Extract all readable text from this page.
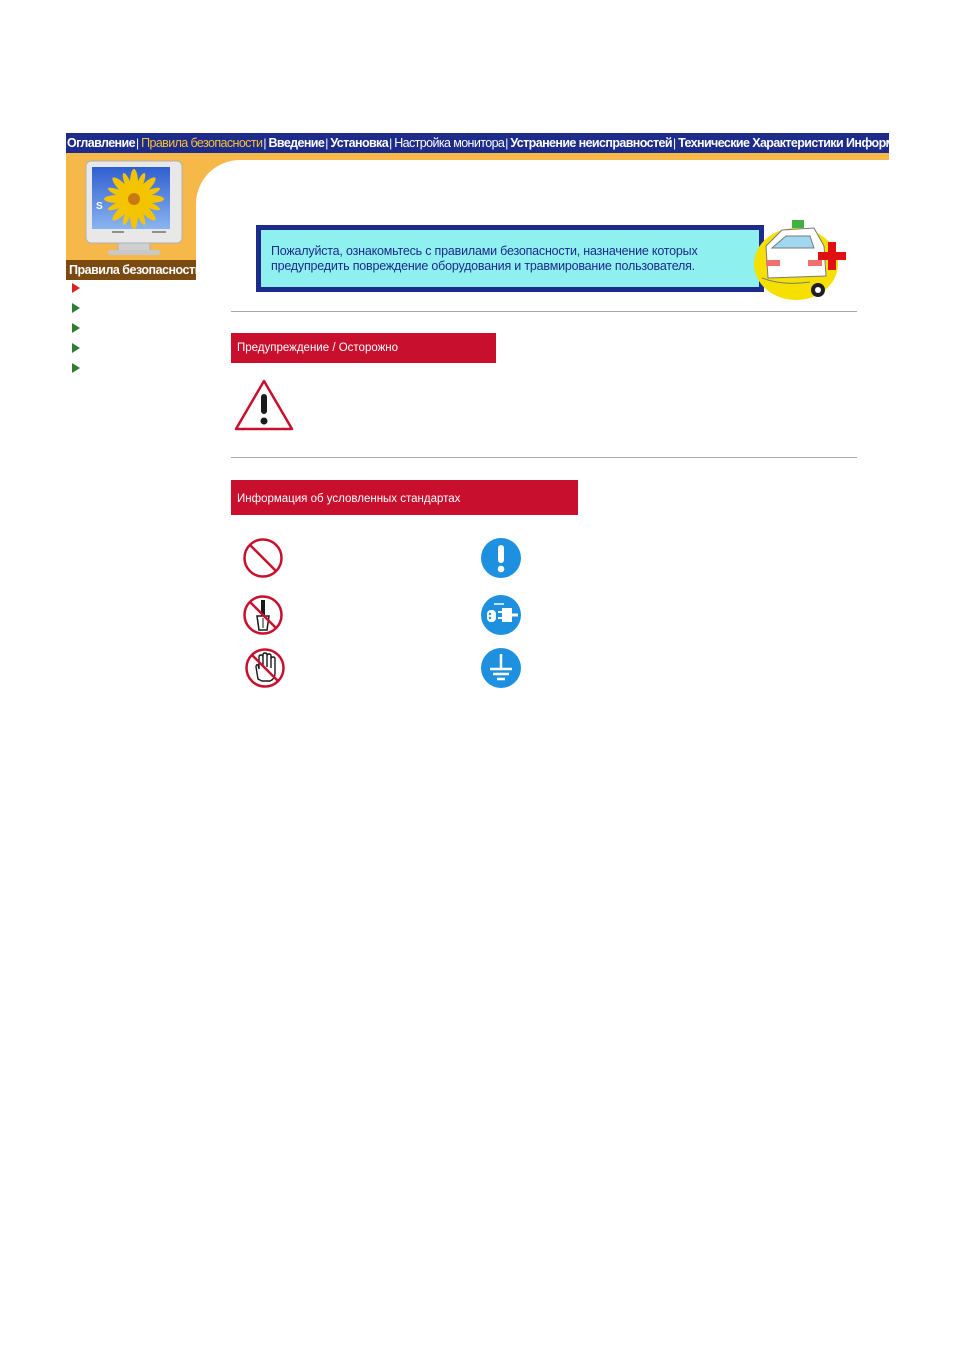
Оглавление| Правила безопасности| Введение| Установка| Настройка монитора| Устранение неисправностей| Технические Характеристики Информаци
S
Правила безопасности
Пожалуйста, ознакомьтесь с правилами безопасности, назначение которых предупредить повреждение оборудования и травмирование пользователя.
Предупреждение / Осторожно
Информация об условленных стандартах
